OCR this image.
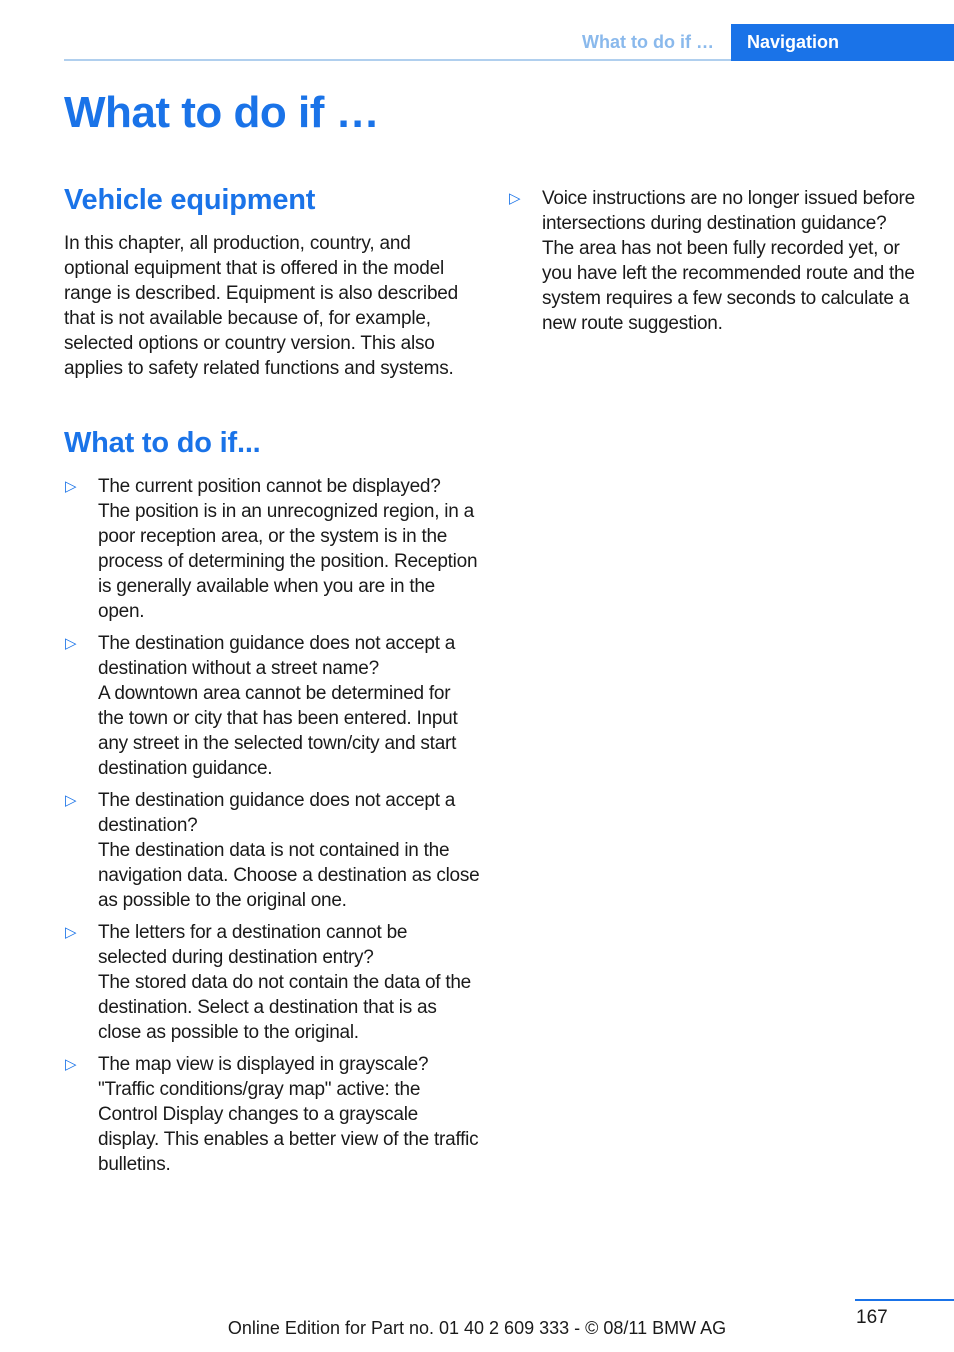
What to do if …	Navigation
What to do if …
Vehicle equipment

In this chapter, all production, country, and optional equipment that is offered in the model range is described. Equipment is also described that is not available because of, for example, selected options or country version. This also applies to safety related functions and systems.

What to do if...
▷	The current position cannot be displayed?
The position is in an unrecognized region, in a poor reception area, or the system is in the process of determining the position. Reception is generally available when you are in the open.
▷	The destination guidance does not accept a destination without a street name?
A downtown area cannot be determined for the town or city that has been entered. Input any street in the selected town/city and start destination guidance.
▷	The destination guidance does not accept a destination?
The destination data is not contained in the navigation data. Choose a destination as close as possible to the original one.
▷	The letters for a destination cannot be selected during destination entry?
The stored data do not contain the data of the destination. Select a destination that is as close as possible to the original.
▷	The map view is displayed in grayscale?
"Traffic conditions/gray map" active: the Control Display changes to a grayscale display. This enables a better view of the traffic bulletins.
▷	Voice instructions are no longer issued before intersections during destination guidance?
The area has not been fully recorded yet, or you have left the recommended route and the system requires a few seconds to calculate a new route suggestion.
167
Online Edition for Part no. 01 40 2 609 333 - © 08/11 BMW AG
